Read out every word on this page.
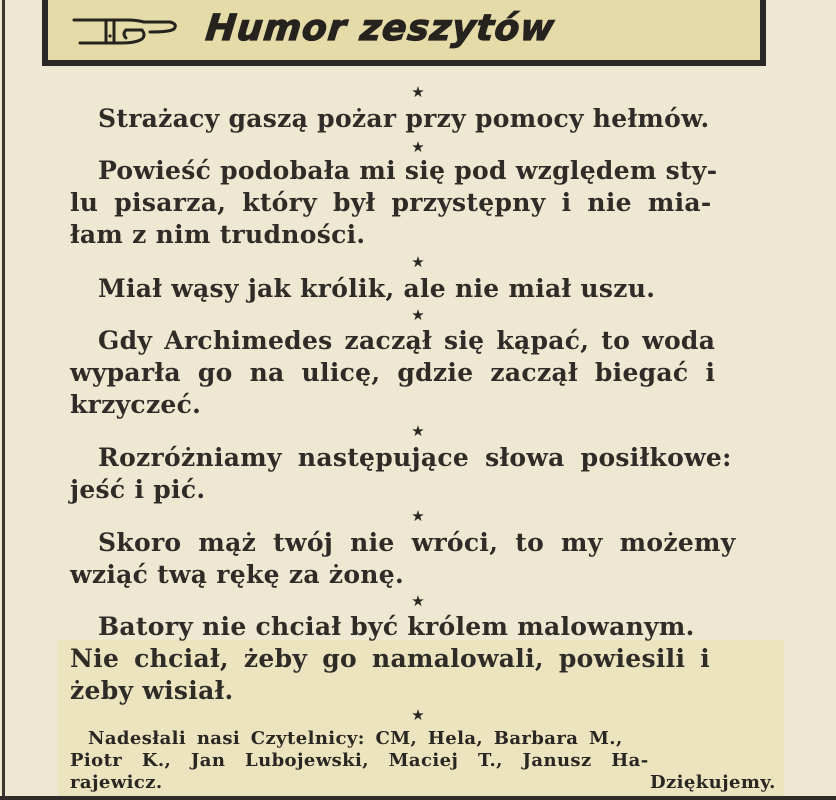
Humor zeszytów
★
Strażacy gaszą pożar przy pomocy hełmów.
★
Powieść podobała mi się pod względem sty-
lu pisarza, który był przystępny i nie mia-
łam z nim trudności.
★
Miał wąsy jak królik, ale nie miał uszu.
★
Gdy Archimedes zaczął się kąpać, to woda
wyparła go na ulicę, gdzie zaczął biegać i
krzyczeć.
★
Rozróżniamy następujące słowa posiłkowe:
jeść i pić.
★
Skoro mąż twój nie wróci, to my możemy
wziąć twą rękę za żonę.
★
Batory nie chciał być królem malowanym.
Nie chciał, żeby go namalowali, powiesili i
żeby wisiał.
★
Nadesłali nasi Czytelnicy: CM, Hela, Barbara M.,
Piotr K., Jan Lubojewski, Maciej T., Janusz Ha-
rajewicz.	Dziękujemy.
